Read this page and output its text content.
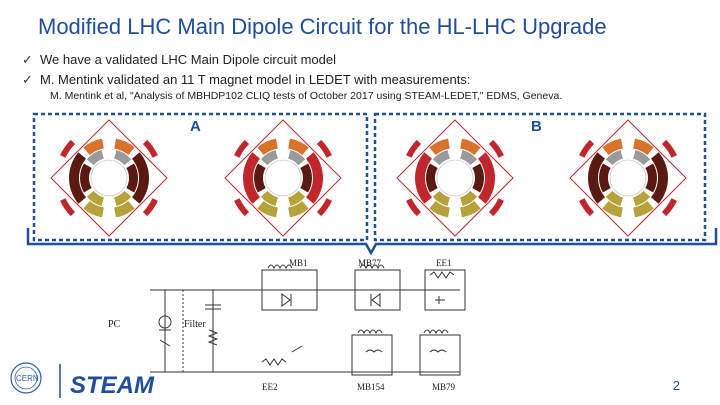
Modified LHC Main Dipole Circuit for the HL-LHC Upgrade
✓ We have a validated LHC Main Dipole circuit model
✓ M. Mentink validated an 11 T magnet model in LEDET with measurements:
M. Mentink et al, "Analysis of MBHDP102 CLIQ tests of October 2017 using STEAM-LEDET," EDMS, Geneva.
MB1	MB77	EE1
PC	Filter
EE2	MB154	MB79
CERN STEAM
A	B
2
